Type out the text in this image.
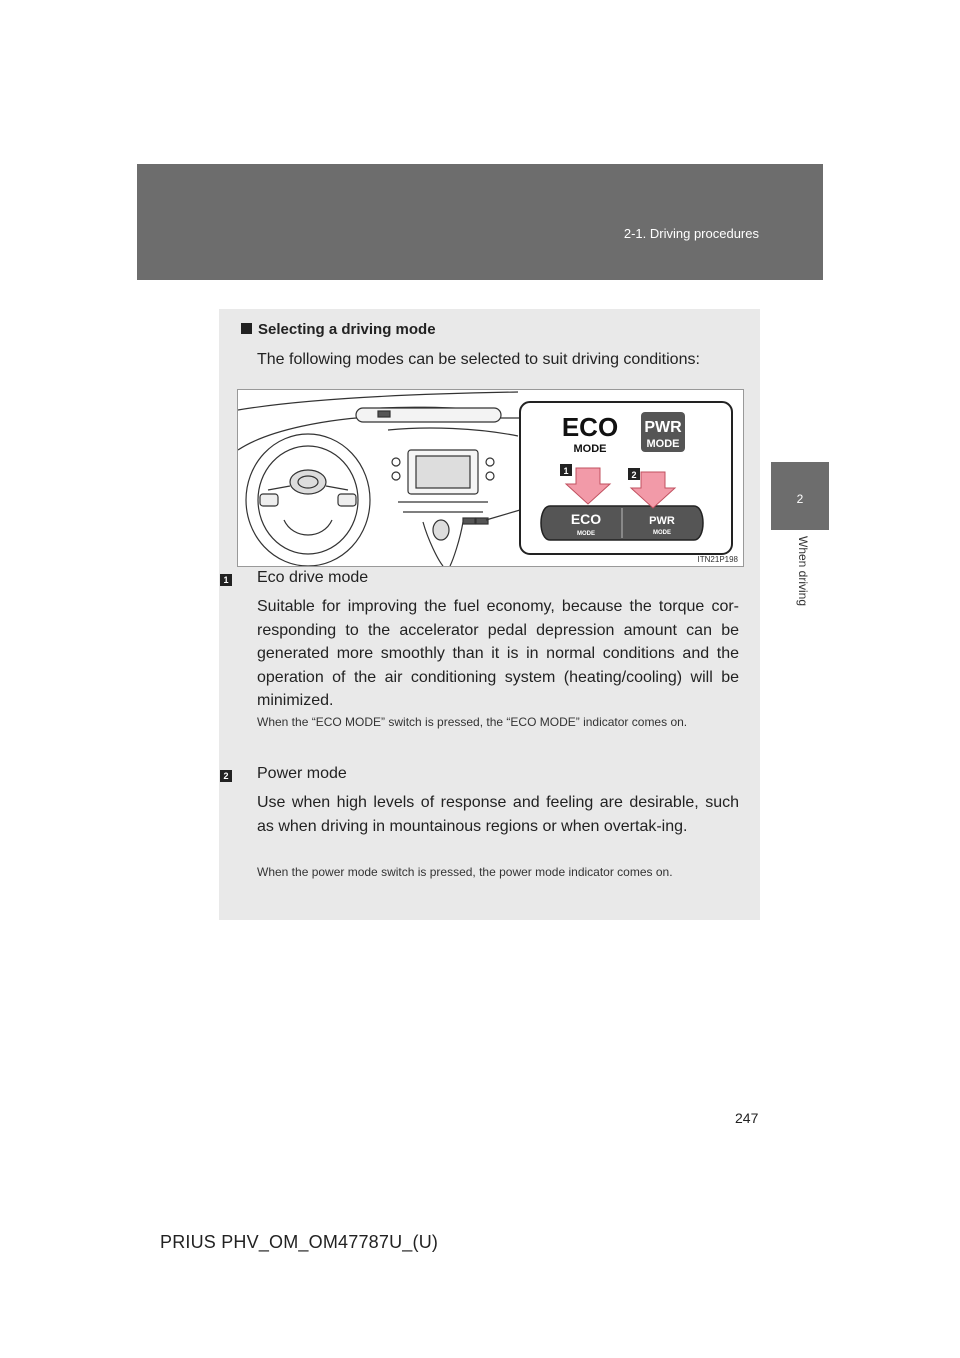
2-1. Driving procedures
2
When driving
Selecting a driving mode
The following modes can be selected to suit driving conditions:
ECO
MODE
PWR
MODE
ECO
MODE
PWR
MODE
1	2
ITN21P198
1 Eco drive mode
Suitable for improving the fuel economy, because the torque cor-responding to the accelerator pedal depression amount can be generated more smoothly than it is in normal conditions and the operation of the air conditioning system (heating/cooling) will be minimized.
When the “ECO MODE” switch is pressed, the “ECO MODE” indicator comes on.
2 Power mode
Use when high levels of response and feeling are desirable, such as when driving in mountainous regions or when overtak-ing.
When the power mode switch is pressed, the power mode indicator comes on.
247
PRIUS PHV_OM_OM47787U_(U)
